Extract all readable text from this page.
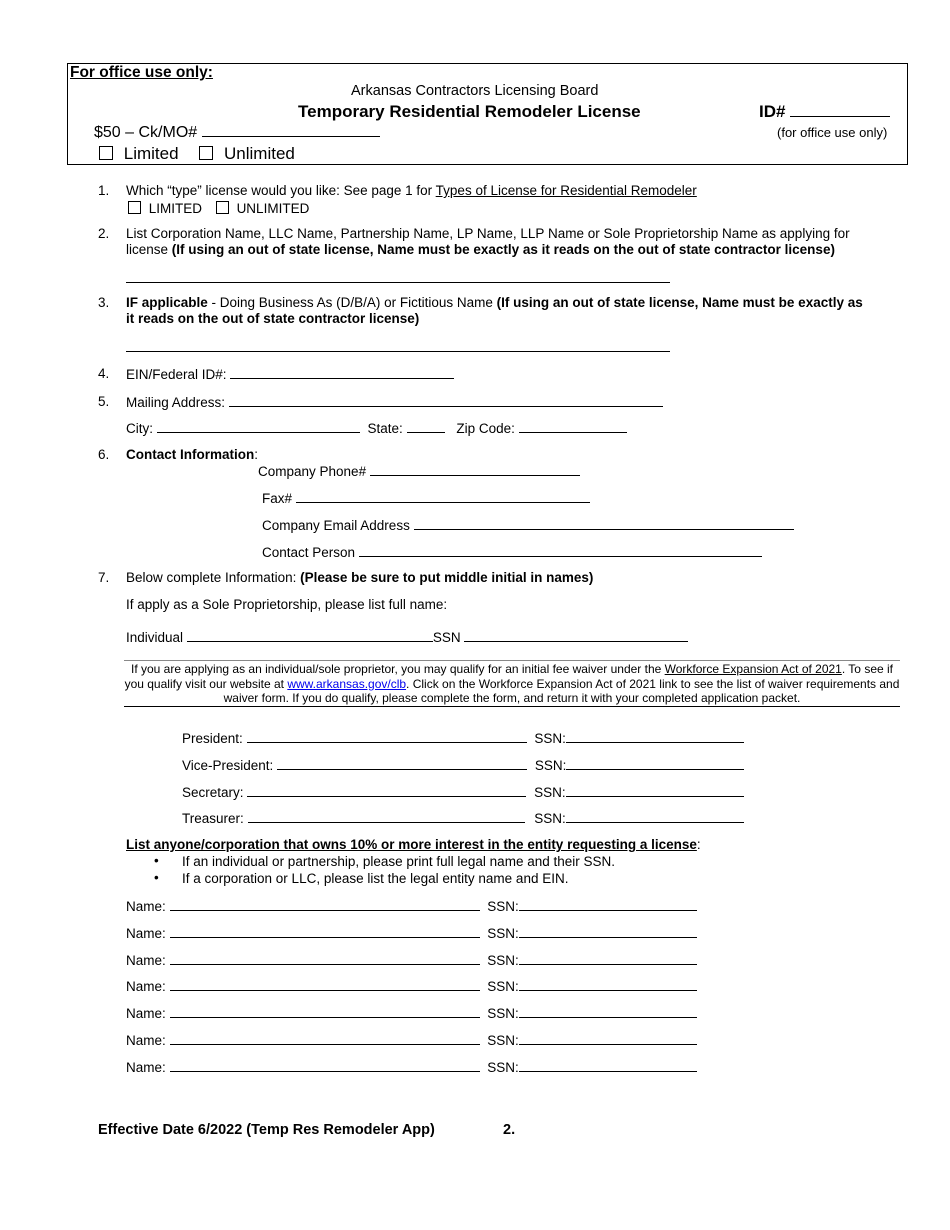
For office use only:
Arkansas Contractors Licensing Board
Temporary Residential Remodeler License	ID#
(for office use only)
$50 – Ck/MO#
Limited	Unlimited
1. Which “type” license would you like: See page 1 for Types of License for Residential Remodeler
LIMITED	UNLIMITED
2. List Corporation Name, LLC Name, Partnership Name, LP Name, LLP Name or Sole Proprietorship Name as applying for
license (If using an out of state license, Name must be exactly as it reads on the out of state contractor license)
3. IF applicable - Doing Business As (D/B/A) or Fictitious Name (If using an out of state license, Name must be exactly as
it reads on the out of state contractor license)
4. EIN/Federal ID#:
5. Mailing Address:
City:	State:	Zip Code:
6. Contact Information:
Company Phone#
Fax#
Company Email Address
Contact Person
7. Below complete Information: (Please be sure to put middle initial in names)
If apply as a Sole Proprietorship, please list full name:
Individual	SSN
If you are applying as an individual/sole proprietor, you may qualify for an initial fee waiver under the Workforce Expansion Act of 2021. To see if you qualify visit our website at www.arkansas.gov/clb. Click on the Workforce Expansion Act of 2021 link to see the list of waiver requirements and waiver form. If you do qualify, please complete the form, and return it with your completed application packet.
President:	SSN:
Vice-President:	SSN:
Secretary:	SSN:
Treasurer:	SSN:
List anyone/corporation that owns 10% or more interest in the entity requesting a license:
• If an individual or partnership, please print full legal name and their SSN.
• If a corporation or LLC, please list the legal entity name and EIN.
Name:	SSN:
Name:	SSN:
Name:	SSN:
Name:	SSN:
Name:	SSN:
Name:	SSN:
Name:	SSN:
Effective Date 6/2022 (Temp Res Remodeler App)	2.
